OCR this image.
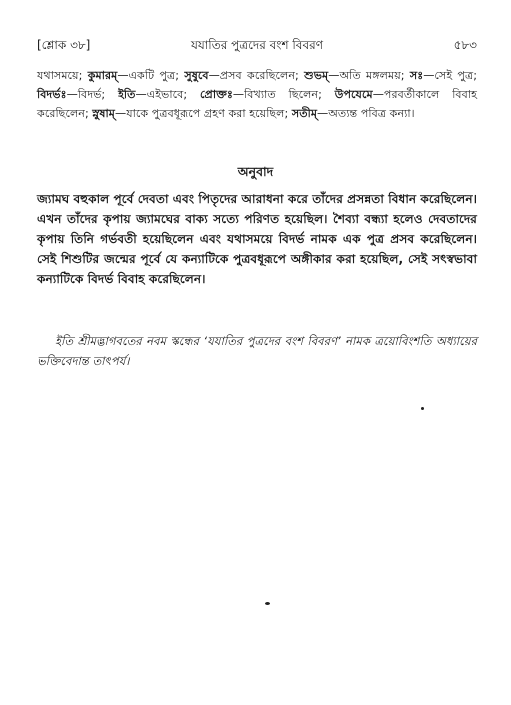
[শ্লোক ৩৮]	যযাতির পুত্রদের বংশ বিবরণ	৫৮৩
যথাসময়ে; কুমারম্—একটি পুত্র; সুষুবে—প্রসব করেছিলেন; শুভম্—অতি মঙ্গলময়; সঃ—সেই পুত্র; বিদর্ভঃ—বিদর্ভ; ইতি—এইভাবে; প্রোক্তঃ—বিখ্যাত ছিলেন; উপযেমে—পরবর্তীকালে বিবাহ করেছিলেন; স্নুষাম্—যাকে পুত্রবধূরূপে গ্রহণ করা হয়েছিল; সতীম্—অত্যন্ত পবিত্র কন্যা।
অনুবাদ
জ্যামঘ বহুকাল পূর্বে দেবতা এবং পিতৃদের আরাধনা করে তাঁদের প্রসন্নতা বিধান করেছিলেন। এখন তাঁদের কৃপায় জ্যামঘের বাক্য সত্যে পরিণত হয়েছিল। শৈব্যা বন্ধ্যা হলেও দেবতাদের কৃপায় তিনি গর্ভবতী হয়েছিলেন এবং যথাসময়ে বিদর্ভ নামক এক পুত্র প্রসব করেছিলেন। সেই শিশুটির জন্মের পূর্বে যে কন্যাটিকে পুত্রবধূরূপে অঙ্গীকার করা হয়েছিল, সেই সৎস্বভাবা কন্যাটিকে বিদর্ভ বিবাহ করেছিলেন।
ইতি শ্রীমদ্ভাগবতের নবম স্কন্ধের ‘যযাতির পুত্রদের বংশ বিবরণ’ নামক ত্রয়োবিংশতি অধ্যায়ের ভক্তিবেদান্ত তাৎপর্য।
